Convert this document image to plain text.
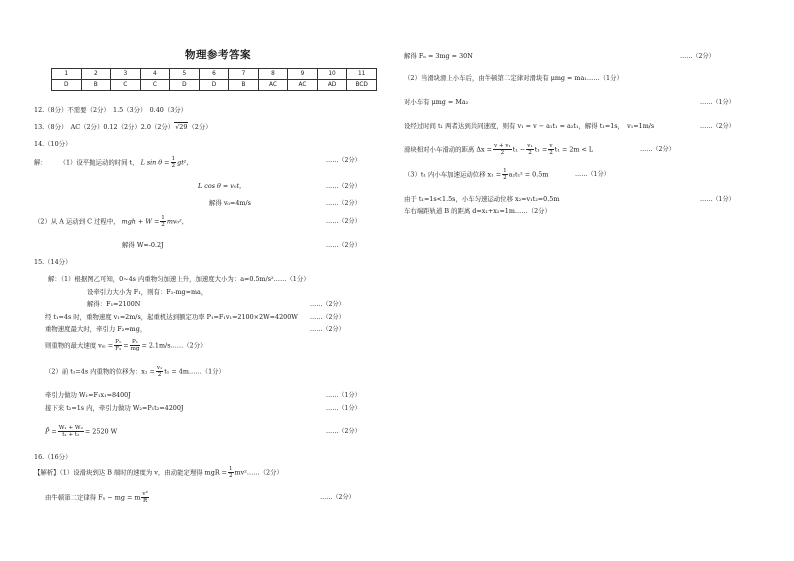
物理参考答案
1	2	3	4	5	6	7	8	9	10	11
D	B	C	C	D	D	B	AC	AC	AD	BCD
12.（8分）不需要（2分）　1.5（3分）　0.40（3分）
13.（8分）　AC（2分）0.12（2分）2.0（2分）√29（2分）
14.（10分）
解：　　　（1）设平抛运动的时间 t， L $\sin \theta = \frac{1}{2} gt^2$，	……（2分）
L cos θ = v₀t，	……（2分）
解得 v₀=4m/s	……（2分）
（2）从 A 运动到 C 过程中， mgh + $W = \frac{1}{2} mv_0^2$，	……（2分）
解得 W=-0.2J	……（2分）
15.（14分）
解：（1）根据图乙可知，0~4s 内重物匀加速上升，加速度大小为：a=0.5m/s²……（1分）
设牵引力大小为 F₁，则有：F₁-mg=ma，
解得：F₁=2100N	……（2分）
经 t₁=4s 时，重物速度 v₁=2m/s，起重机达到额定功率 P₁=F₁v₁=2100×2W=4200W ……（2分）
重物速度最大时，牵引力 F₂=mg，	……（2分）
则重物的最大速度 $v_m = \frac{\text{P₁}}{\text{F₂}} = \frac{\text{P₁}}{mg}$ = 2.1m/s……（2分）
（2）前 t₁=4s 内重物的位移为：$x_1 = \frac{\text{v₁}}{2} t_1$ = 4m……（1分）
牵引力做功 W₁=F₁x₁=8400J	……（1分）
接下来 t₂=1s 内，牵引力做功 W₂=P₁t₂=4200J	……（1分）
P̄ = $\frac{\text{W₁ + W₂}}{\text{t₁ + t₂}} = 2520$ W	……（2分）
16.（16分）
【解析】（1）设滑块到达 B 端时的速度为 v，由动能定理得 mgR = $\frac{1}{2}$ mv²……（2分）
由牛顿第二定律得 Fₙ − mg = m $\frac{\text{v²}}{R}$	……（2分）
解得 Fₙ = 3mg = 30N	……（2分）
（2）当滑块滑上小车后，由牛顿第二定律对滑块有 μmg = ma₁……（1分）
对小车有 μmg = Ma₂	……（1分）
设经过时间 t₁ 两者达到共同速度，则有 v₁ = v − a₁t₁ = a₂t₁，解得 t₁=1s，　v₁=1m/s	……（2分）
滑块相对小车滑动的距离 $\Delta x = \frac{\text{v + v₁}}{2} t_1 - \frac{\text{v₁}}{2} t_1 = \frac{v}{2} t_1 = 2m < L$	……（2分）
（3）t₁ 内小车加速运动位移 $x_1 = \frac{1}{2} a_2t_1^2 = 0.5m$	……（1分）
由于 t₁=1s<1.5s，小车匀速运动位移 x₂=v₁t₂=0.5m	……（1分）
车右端距轨道 B 的距离 d=x₁+x₂=1m……（2分）
